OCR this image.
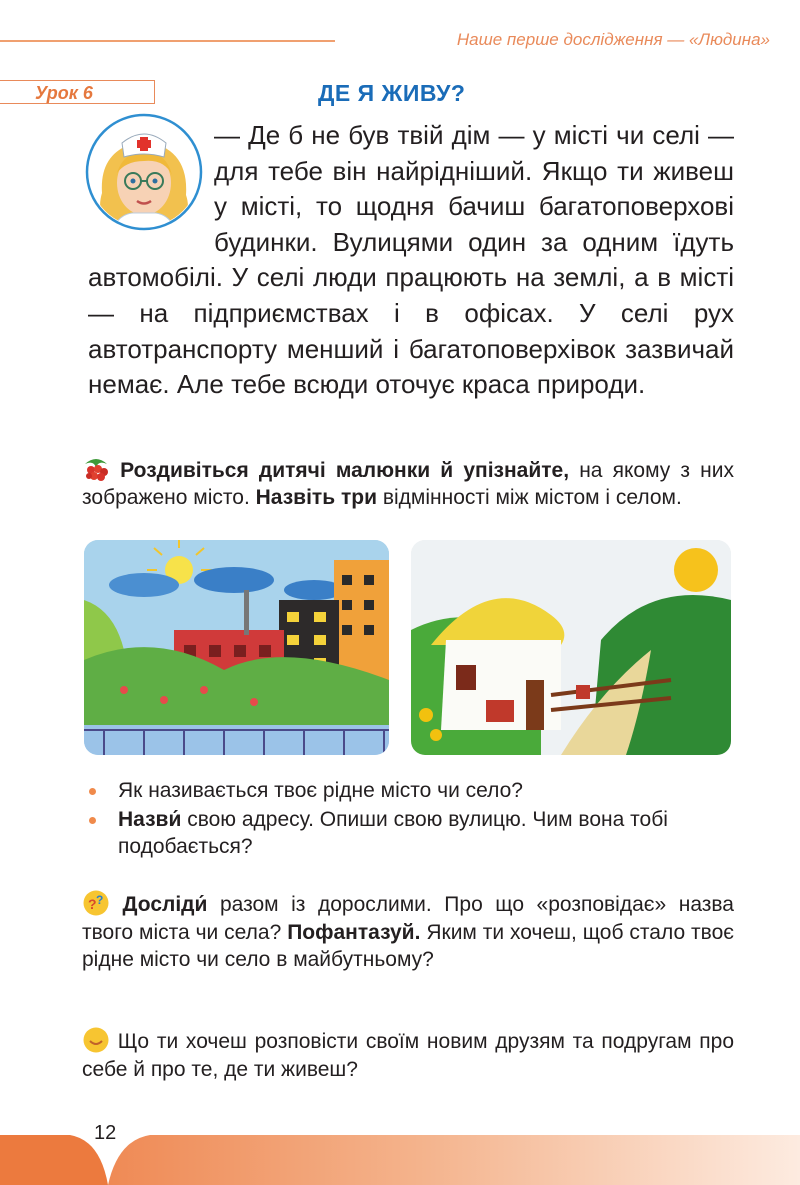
Наше перше дослідження — «Людина»
Урок 6	ДЕ Я ЖИВУ?

— Де б не був твій дім — у місті чи селі — для тебе він найрідніший. Якщо ти живеш у місті, то щодня бачиш багатоповерхові будинки. Вулицями один за одним їдуть автомобілі. У селі люди працюють на землі, а в місті — на підприємствах і в офісах. У селі рух автотранспорту менший і багатоповерхівок зазвичай немає. Але тебе всюди оточує краса природи.

Роздивіться дитячі малюнки й упізнайте, на якому з них зображено місто. Назвіть три відмінності між містом і селом.

Як називається твоє рідне місто чи село?
Назви́ свою адресу. Опиши свою вулицю. Чим вона тобі подобається?

? ? Досліди́ разом із дорослими. Про що «розповідає» назва твого міста чи села? Пофантазуй. Яким ти хочеш, щоб стало твоє рідне місто чи село в майбутньому?

Що ти хочеш розповісти своїм новим друзям та подругам про себе й про те, де ти живеш?

12
